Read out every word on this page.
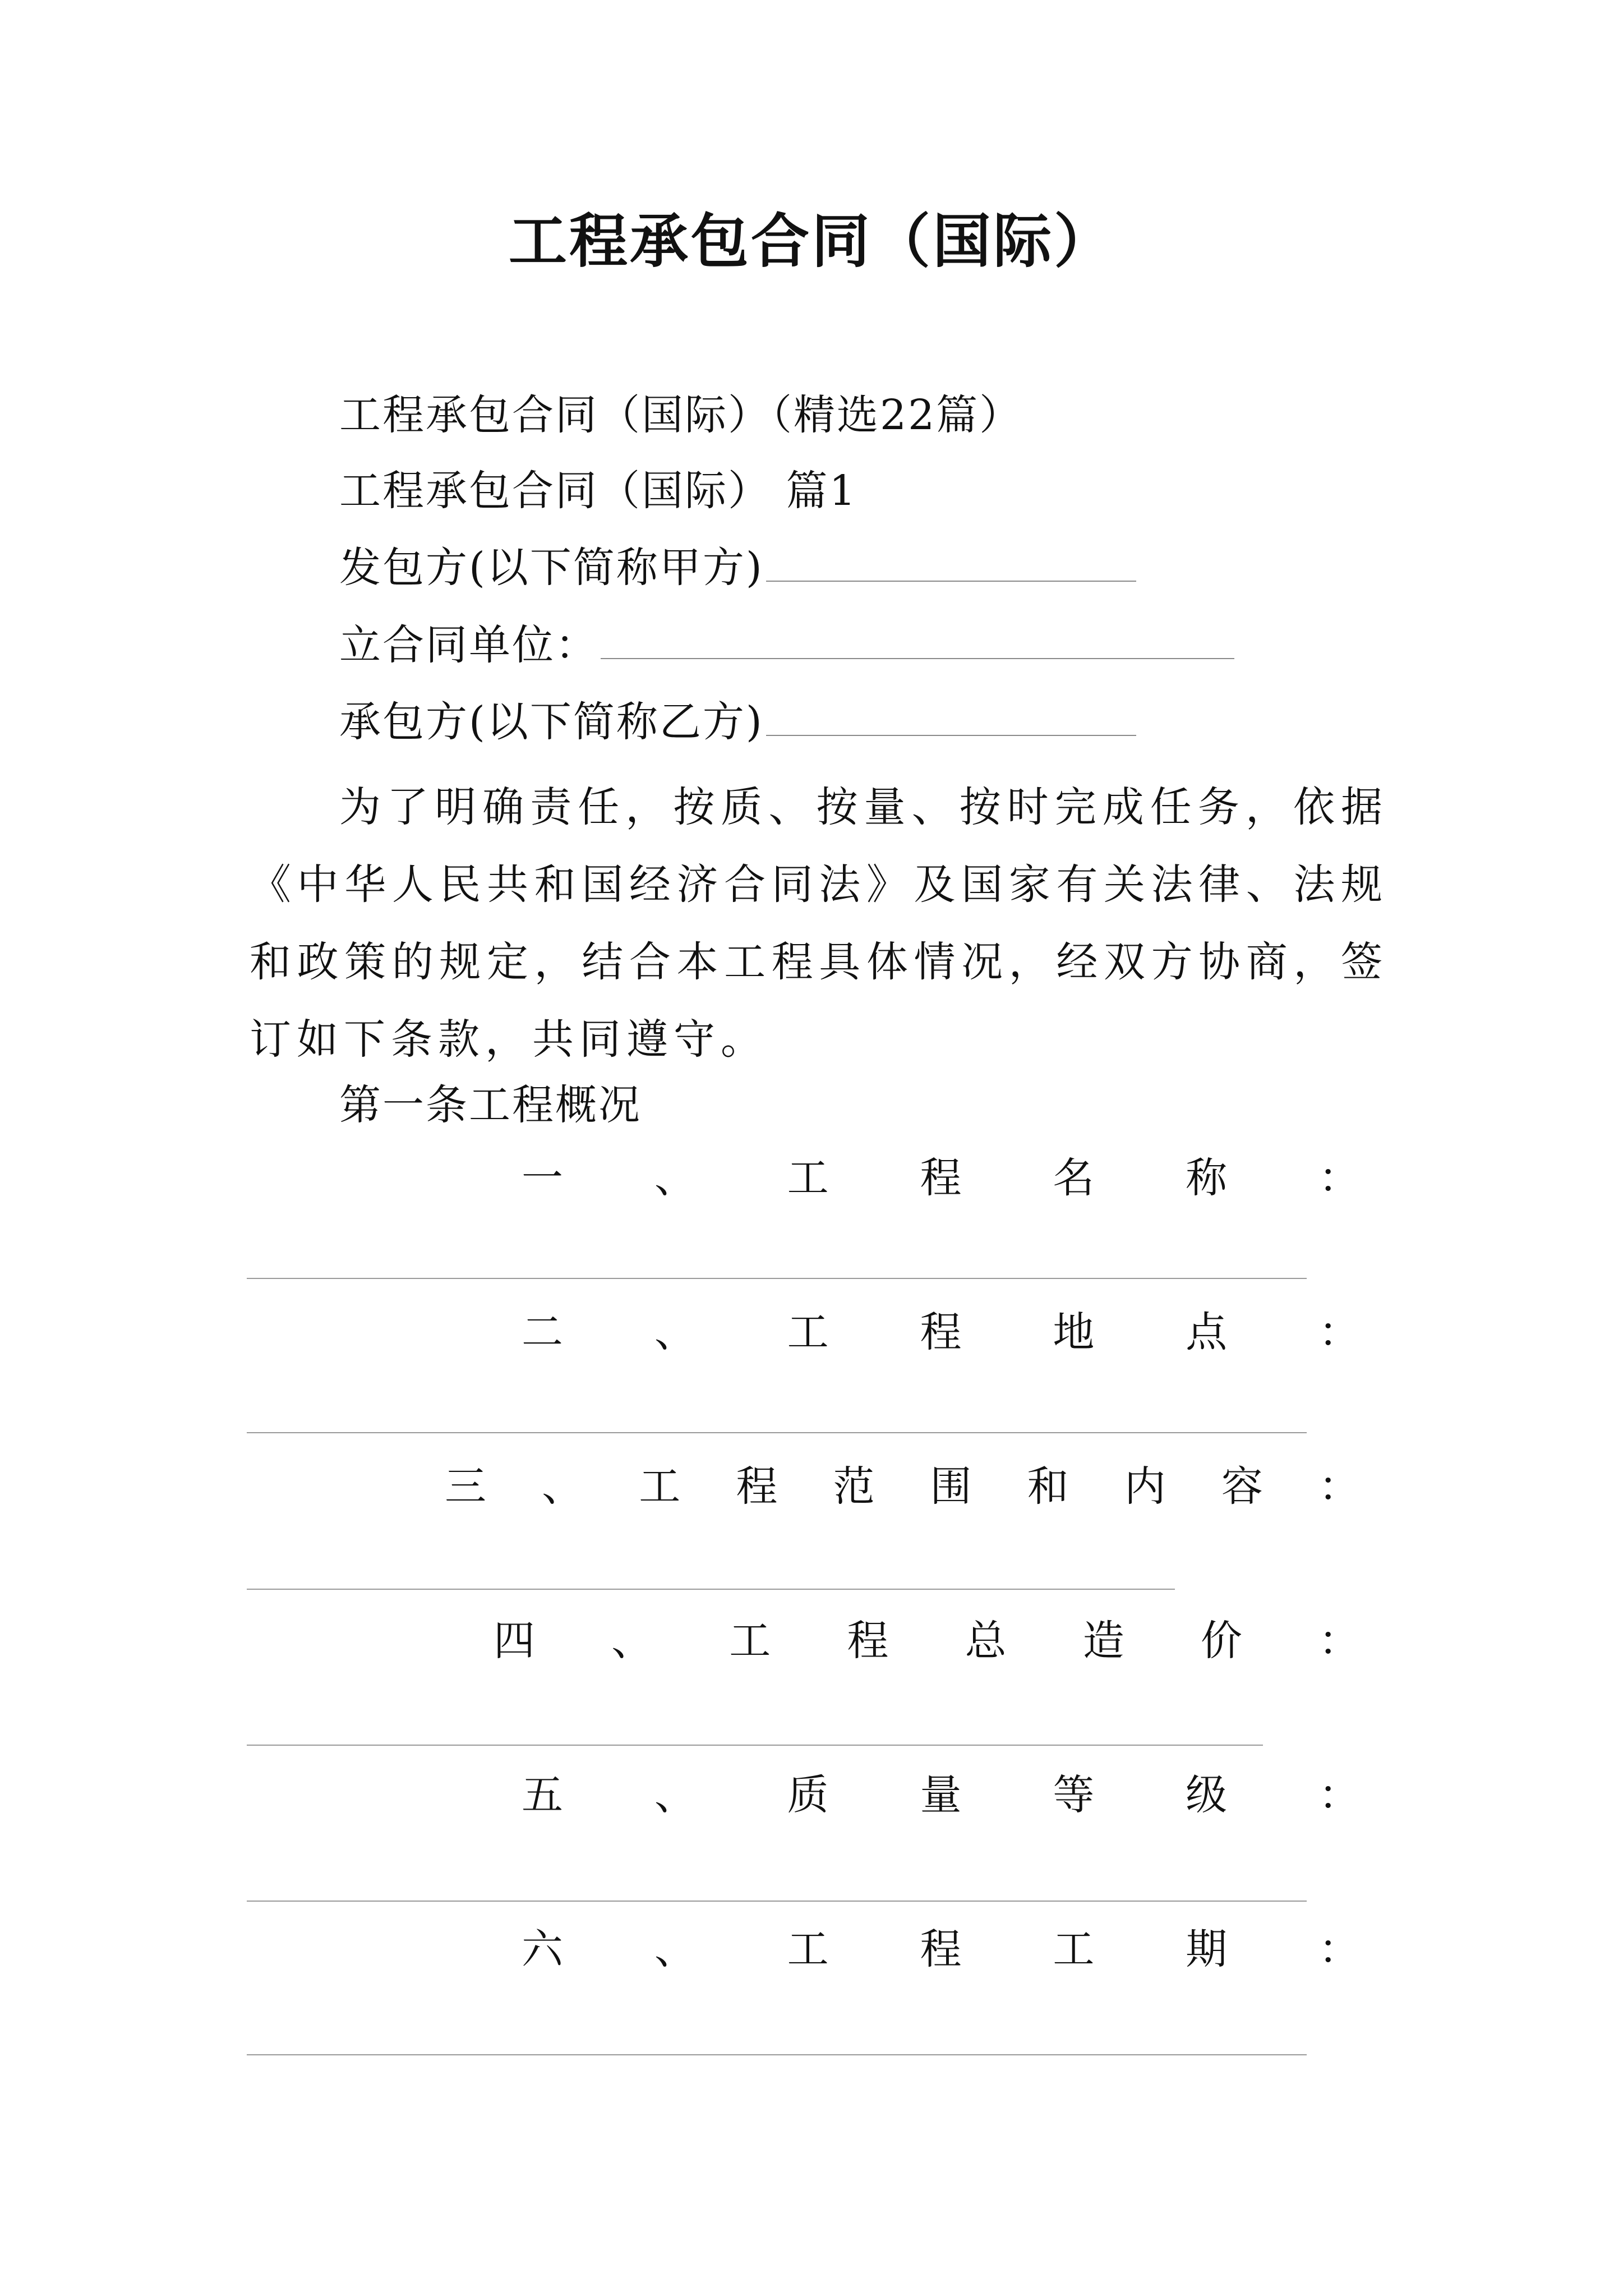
工程承包合同（国际）
工程承包合同（国际）（精选22篇）
工程承包合同（国际） 篇1
发包方(以下简称甲方)
立合同单位：
承包方(以下简称乙方)
为了明确责任，按质、按量、按时完成任务，依据《中华人民共和国经济合同法》及国家有关法律、法规和政策的规定，结合本工程具体情况，经双方协商，签订如下条款，共同遵守。
第一条工程概况
一 、 工 程 名 称 ：
二 、 工 程 地 点 ：
三 、 工 程 范 围 和 内 容 ：
四 、 工 程 总 造 价 ：
五 、 质 量 等 级 ：
六 、 工 程 工 期 ：
